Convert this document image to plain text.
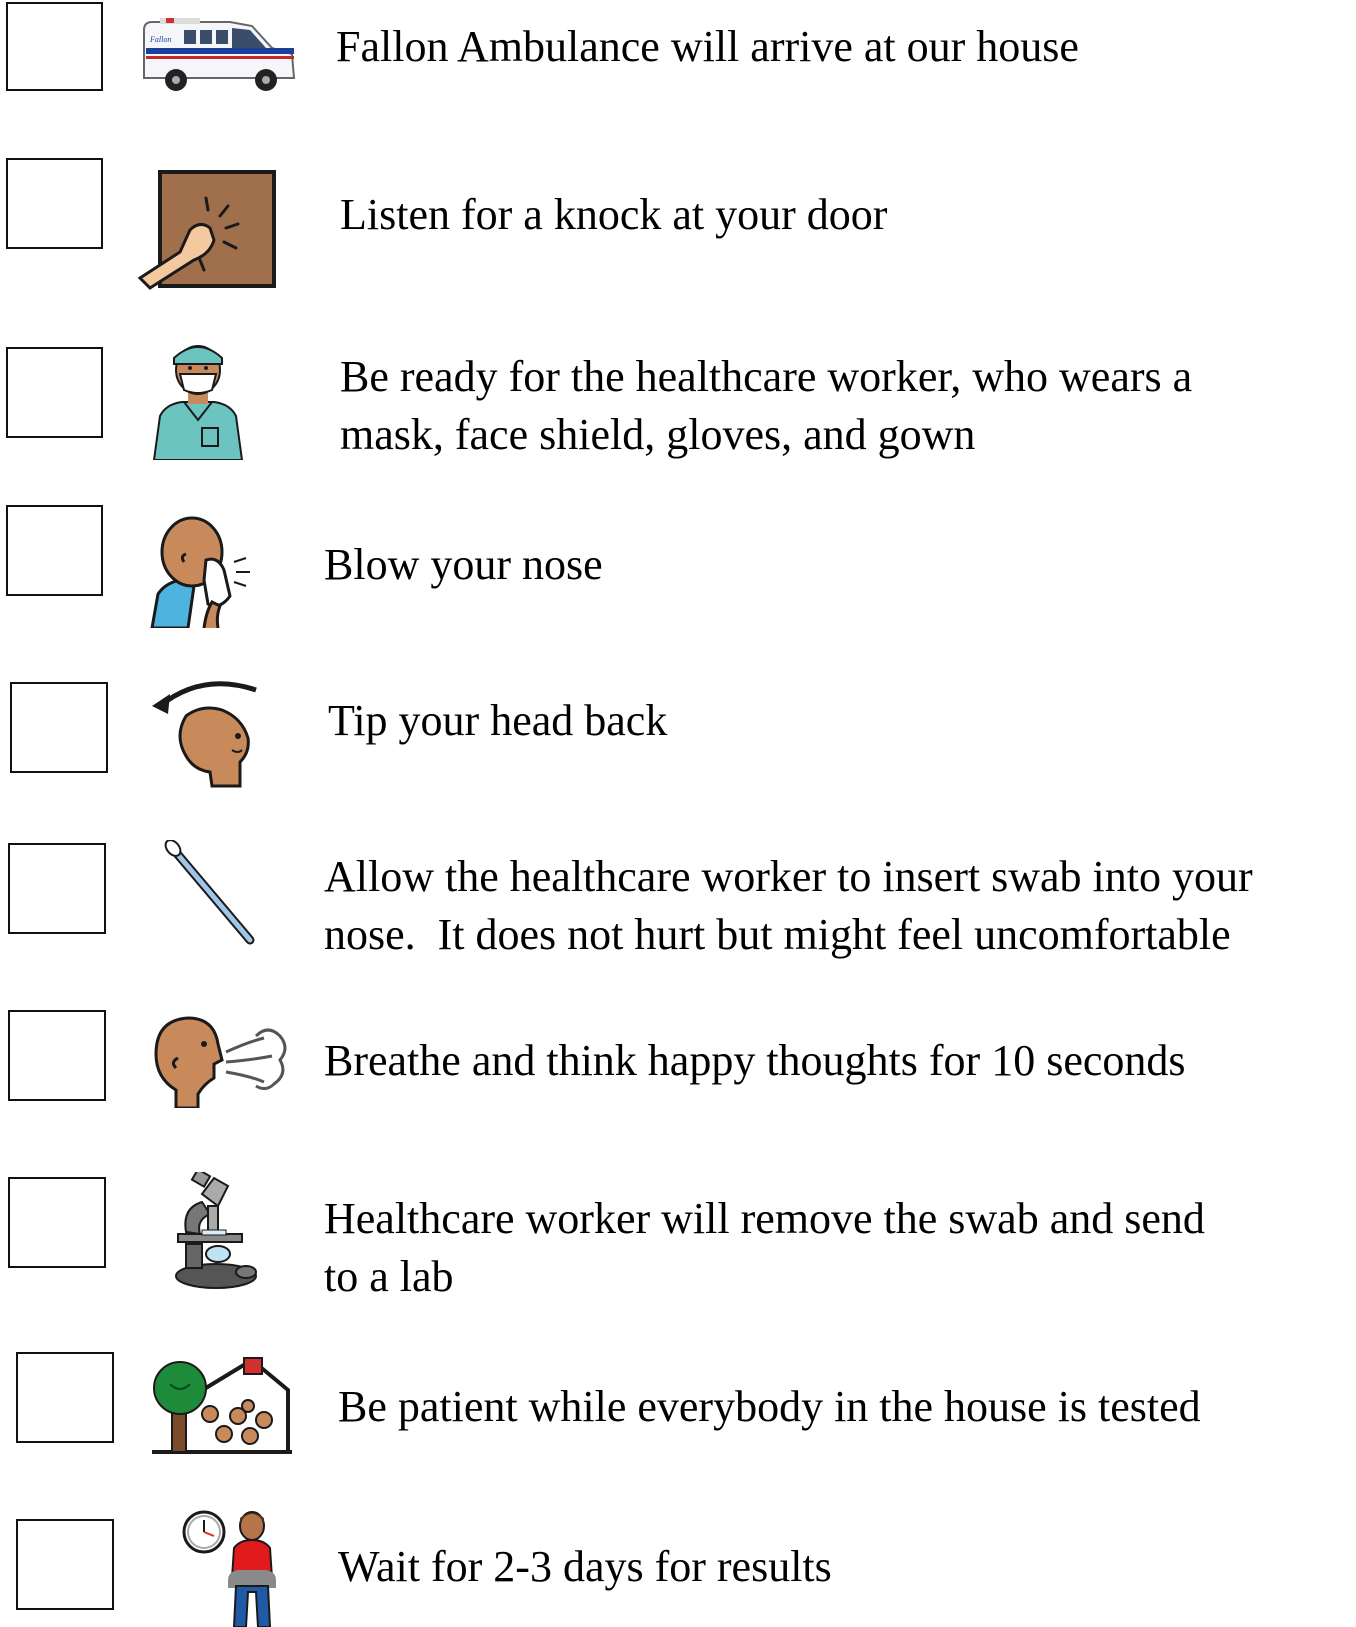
Fallon	Fallon Ambulance will arrive at our house
Listen for a knock at your door
Be ready for the healthcare worker, who wears a
mask, face shield, gloves, and gown
Blow your nose
Tip your head back
Allow the healthcare worker to insert swab into your
nose.  It does not hurt but might feel uncomfortable
Breathe and think happy thoughts for 10 seconds
Healthcare worker will remove the swab and send
to a lab
Be patient while everybody in the house is tested
Wait for 2-3 days for results
